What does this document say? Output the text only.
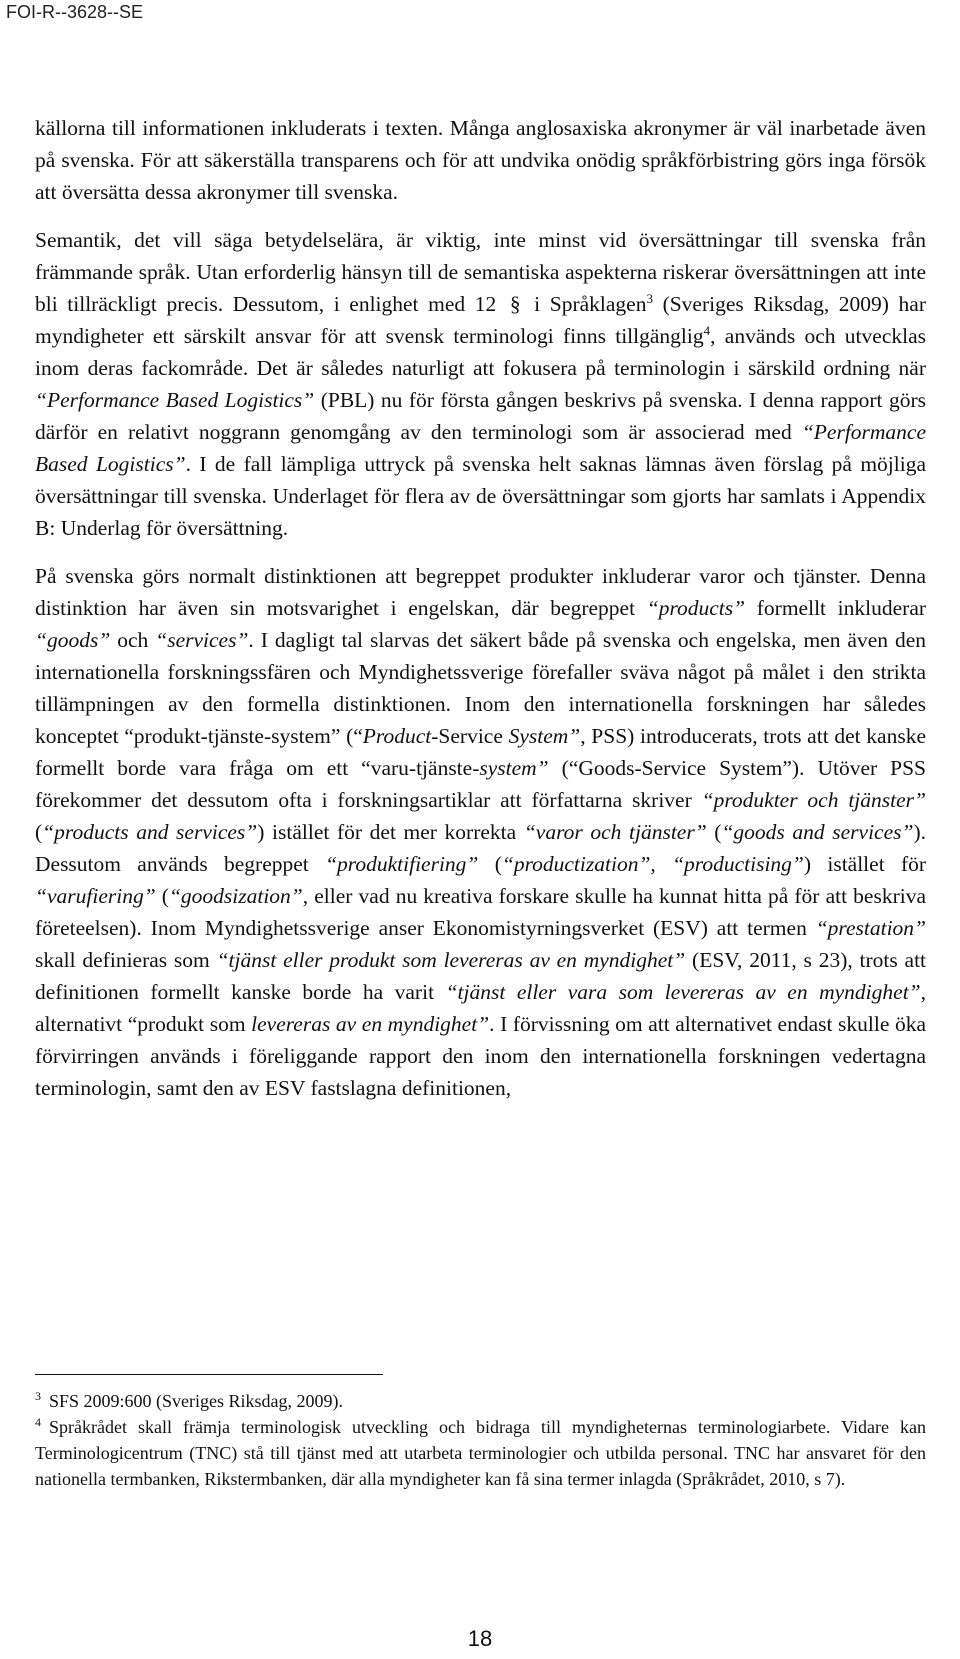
FOI-R--3628--SE

källorna till informationen inkluderats i texten. Många anglosaxiska akronymer är väl inarbetade även på svenska. För att säkerställa transparens och för att undvika onödig språkförbistring görs inga försök att översätta dessa akronymer till svenska.

Semantik, det vill säga betydelselära, är viktig, inte minst vid översättningar till svenska från främmande språk. Utan erforderlig hänsyn till de semantiska aspekterna riskerar översättningen att inte bli tillräckligt precis. Dessutom, i enlighet med 12 § i Språklagen$^3$ (Sveriges Riksdag, 2009) har myndigheter ett särskilt ansvar för att svensk terminologi finns tillgänglig$^4$, används och utvecklas inom deras fackområde. Det är således naturligt att fokusera på terminologin i särskild ordning när “Performance Based Logistics” (PBL) nu för första gången beskrivs på svenska. I denna rapport görs därför en relativt noggrann genomgång av den terminologi som är associerad med “Performance Based Logistics”. I de fall lämpliga uttryck på svenska helt saknas lämnas även förslag på möjliga översättningar till svenska. Underlaget för flera av de översättningar som gjorts har samlats i Appendix B: Underlag för översättning.

På svenska görs normalt distinktionen att begreppet produkter inkluderar varor och tjänster. Denna distinktion har även sin motsvarighet i engelskan, där begreppet “products” formellt inkluderar “goods” och “services”. I dagligt tal slarvas det säkert både på svenska och engelska, men även den internationella forskningssfären och Myndighetssverige förefaller sväva något på målet i den strikta tillämpningen av den formella distinktionen. Inom den internationella forskningen har således konceptet “produkt-tjänste-system” (“Product-Service System”, PSS) introducerats, trots att det kanske formellt borde vara fråga om ett “varu-tjänste-system” (“Goods-Service System”). Utöver PSS förekommer det dessutom ofta i forskningsartiklar att författarna skriver “produkter och tjänster” (“products and services”) istället för det mer korrekta “varor och tjänster” (“goods and services”). Dessutom används begreppet “produktifiering” (“productization”, “productising”) istället för “varufiering” (“goodsization”, eller vad nu kreativa forskare skulle ha kunnat hitta på för att beskriva företeelsen). Inom Myndighetssverige anser Ekonomistyrningsverket (ESV) att termen “prestation” skall definieras som “tjänst eller produkt som levereras av en myndighet” (ESV, 2011, s 23), trots att definitionen formellt kanske borde ha varit “tjänst eller vara som levereras av en myndighet”, alternativt “produkt som levereras av en myndighet”. I förvissning om att alternativet endast skulle öka förvirringen används i föreliggande rapport den inom den internationella forskningen vedertagna terminologin, samt den av ESV fastslagna definitionen,

$^3$ SFS 2009:600 (Sveriges Riksdag, 2009).

$^4$ Språkrådet skall främja terminologisk utveckling och bidraga till myndigheternas terminologiarbete. Vidare kan Terminologicentrum (TNC) stå till tjänst med att utarbeta terminologier och utbilda personal. TNC har ansvaret för den nationella termbanken, Rikstermbanken, där alla myndigheter kan få sina termer inlagda (Språkrådet, 2010, s 7).

18
